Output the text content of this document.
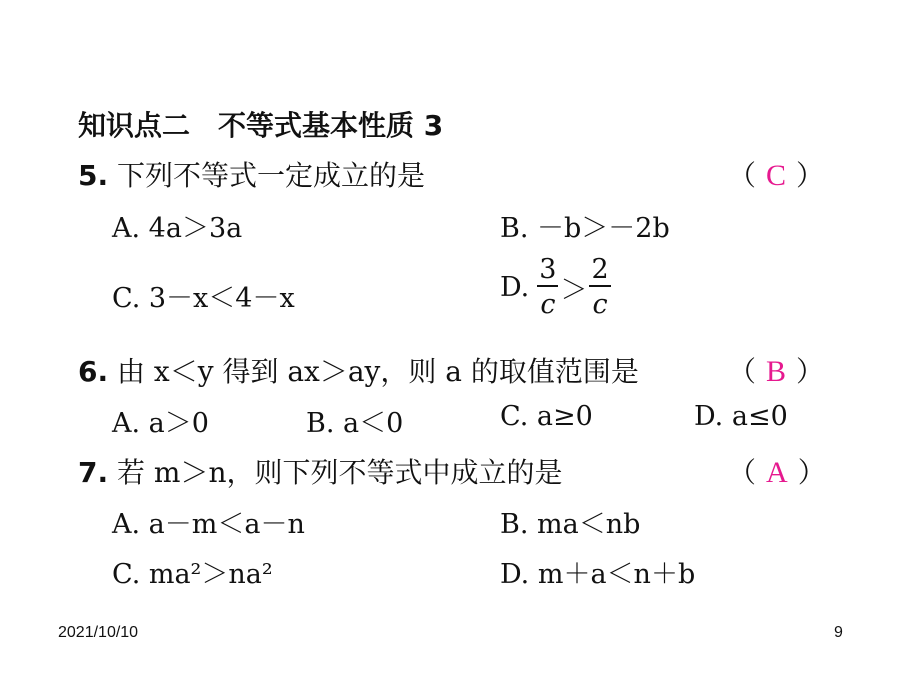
知识点二　不等式基本性质 3
5. 下列不等式一定成立的是	（ C ）
A. 4a＞3a	B. －b＞－2b
C. 3－x＜4－x	D. $\frac{3}{c} > \frac{2}{c}$
6. 由 x＜y 得到 ax＞ay，则 a 的取值范围是	（ B ）
A. a＞0	B. a＜0	C. a≥0	D. a≤0
7. 若 m＞n，则下列不等式中成立的是	（ A ）
A. a－m＜a－n	B. ma＜nb
C. ma²＞na²	D. m＋a＜n＋b
2021/10/10	9
